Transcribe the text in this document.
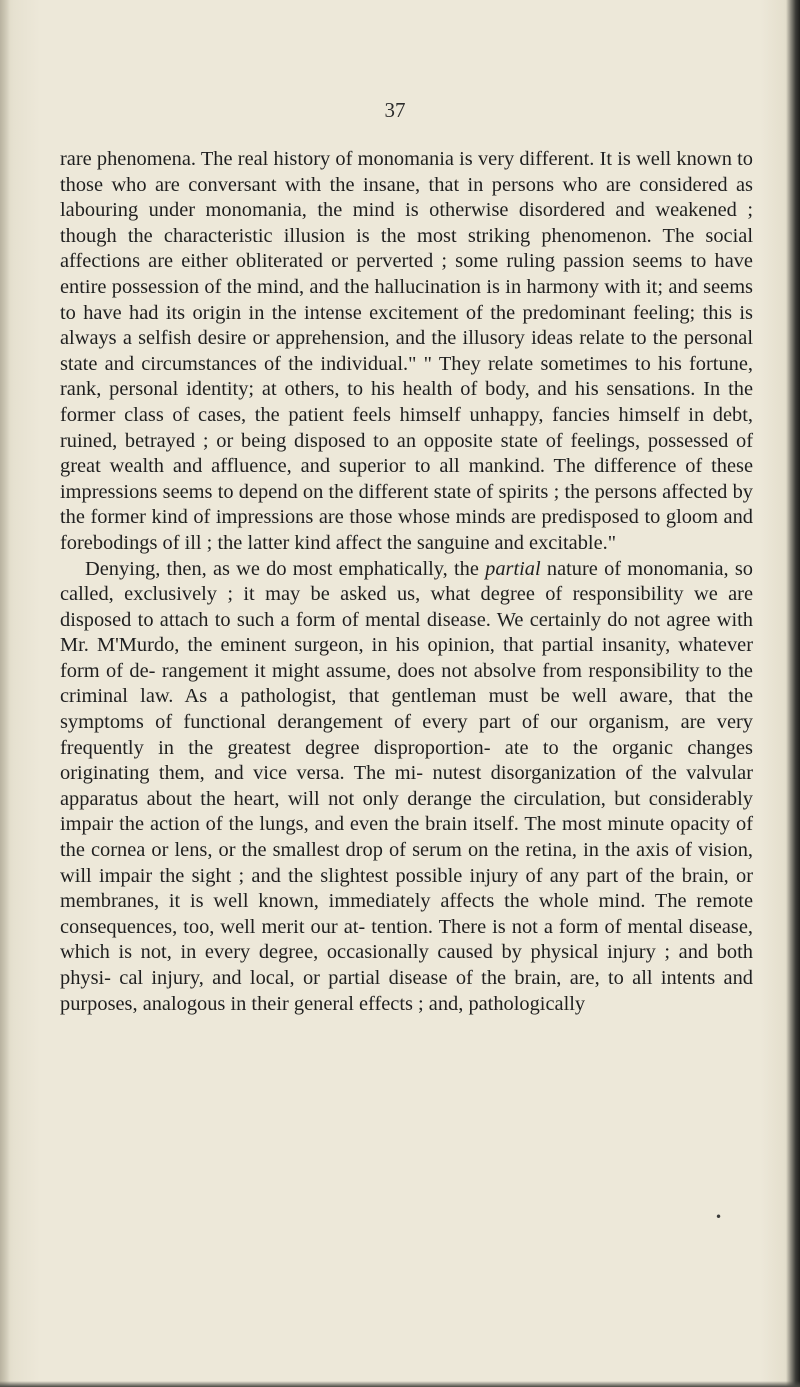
37

rare phenomena. The real history of monomania is very different. It is well known to those who are conversant with the insane, that in persons who are considered as labouring under monomania, the mind is otherwise disordered and weakened ; though the characteristic illusion is the most striking phenomenon. The social affections are either obliterated or perverted ; some ruling passion seems to have entire possession of the mind, and the hallucination is in harmony with it; and seems to have had its origin in the intense excitement of the predominant feeling; this is always a selfish desire or apprehension, and the illusory ideas relate to the personal state and circumstances of the individual." " They relate sometimes to his fortune, rank, personal identity; at others, to his health of body, and his sensations. In the former class of cases, the patient feels himself unhappy, fancies himself in debt, ruined, betrayed ; or being disposed to an opposite state of feelings, possessed of great wealth and affluence, and superior to all mankind. The difference of these impressions seems to depend on the different state of spirits ; the persons affected by the former kind of impressions are those whose minds are predisposed to gloom and forebodings of ill ; the latter kind affect the sanguine and excitable."

Denying, then, as we do most emphatically, the partial nature of monomania, so called, exclusively ; it may be asked us, what degree of responsibility we are disposed to attach to such a form of mental disease. We certainly do not agree with Mr. M'Murdo, the eminent surgeon, in his opinion, that partial insanity, whatever form of de- rangement it might assume, does not absolve from responsibility to the criminal law. As a pathologist, that gentleman must be well aware, that the symptoms of functional derangement of every part of our organism, are very frequently in the greatest degree disproportion- ate to the organic changes originating them, and vice versa. The mi- nutest disorganization of the valvular apparatus about the heart, will not only derange the circulation, but considerably impair the action of the lungs, and even the brain itself. The most minute opacity of the cornea or lens, or the smallest drop of serum on the retina, in the axis of vision, will impair the sight ; and the slightest possible injury of any part of the brain, or membranes, it is well known, immediately affects the whole mind. The remote consequences, too, well merit our at- tention. There is not a form of mental disease, which is not, in every degree, occasionally caused by physical injury ; and both physi- cal injury, and local, or partial disease of the brain, are, to all intents and purposes, analogous in their general effects ; and, pathologically

•
